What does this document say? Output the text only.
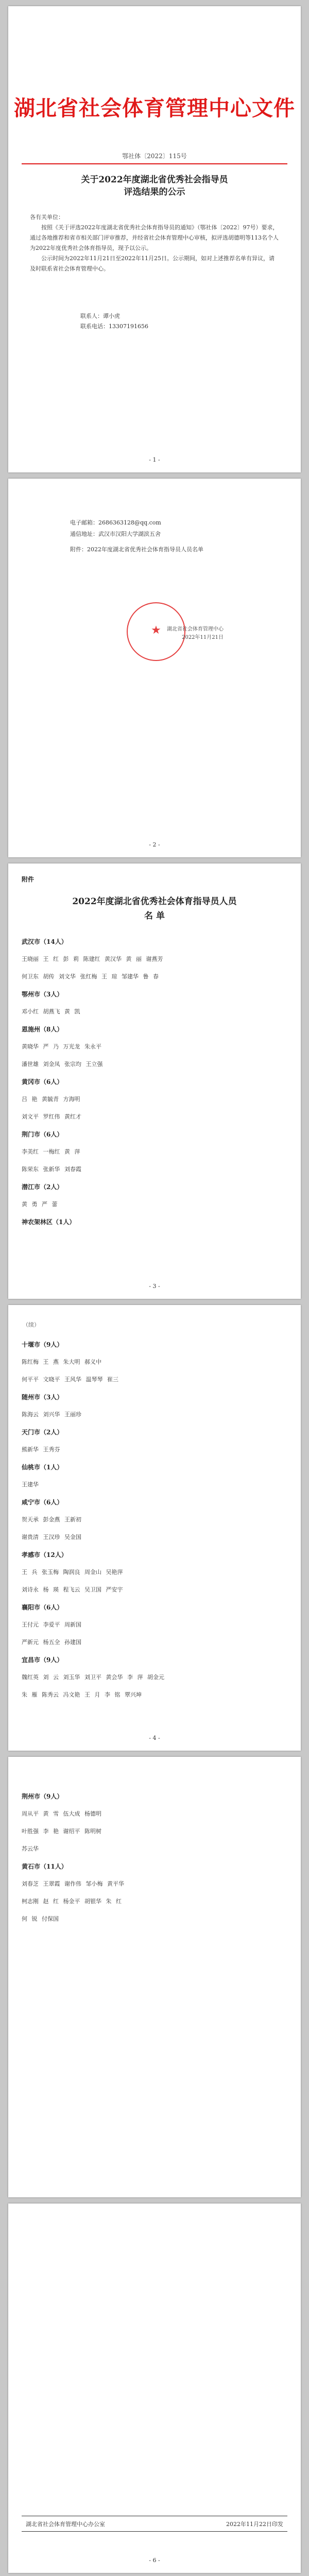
湖北省社会体育管理中心文件
鄂社体〔2022〕115号
关于2022年度湖北省优秀社会指导员
评选结果的公示

各有关单位：

按照《关于评选2022年度湖北省优秀社会体育指导员的通知》（鄂社体〔2022〕97号）要求，通过各地推荐和省市相关部门评审推荐，并经省社会体育管理中心审核，拟评选胡德明等113名个人为2022年度优秀社会体育指导员，现予以公示。

公示时间为2022年11月21日至2022年11月25日。公示期间，如对上述推荐名单有异议，请及时联系省社会体育管理中心。

联系人：谭小虎
联系电话：13307191656
- 1 -
电子邮箱：2686363128@qq.com
通信地址：武汉市汉阳大学湖滨五舍
附件：2022年度湖北省优秀社会体育指导员人员名单
★	湖北省社会体育管理中心
2022年11月21日
- 2 -
附件
2022年度湖北省优秀社会体育指导员人员
名 单
武汉市（14人）
王晓丽 王 红 彭 莉 陈建红 黄汉华 黄 丽 谢燕芳
何卫东 胡传 刘文华 张红梅 王 琼 邹建华 鲁 春
鄂州市（3人）
邓小红 胡燕飞 黄 凯
恩施州（8人）
黄晓华 严 乃 万光龙 朱永平
潘世雄 刘金凤 张宗均 王立强
黄冈市（6人）
吕 艳 黄毓青 方海明
刘文平 罗红伟 黄红才
荆门市（6人）
李美红 一梅红 黄 萍
陈荣东 张新华 刘春霞
潜江市（2人）
黄 勇 严 蕾
神农架林区（1人）
- 3 -
（续）
十堰市（9人）
陈红梅 王 燕 朱大明 郝义中
何平平 文晓平 王风华 温琴琴 崔三
随州市（3人）
陈海云 刘兴华 王丽珍
天门市（2人）
熊新华 王秀芬
仙桃市（1人）
王建华
咸宁市（6人）
贺天承 彭金燕 王新初
谢贵清 王汉珍 吴金国
孝感市（12人）
王 兵 张玉梅 陶润良 周金山 吴艳萍
刘诗永 杨 瑛 程飞云 吴卫国 严安宇
襄阳市（6人）
王付元 李爱平 周新国
严新元 杨五全 孙建国
宜昌市（9人）
魏红英 刘 云 刘玉华 刘卫平 黄会华 李 萍 胡金元
朱 雁 陈秀云 冯文艳 王 月 李 铭 覃兴坤
- 4 -
荆州市（9人）
周从平 黄 雪 伍大成 杨德明
叶胜强 李 艳 谢绍平 陈明树
苏云华
黄石市（11人）
刘春芝 王翠霞 谢作伟 邹小梅 黄平华
柯志刚 赵 红 杨金平 胡银华 朱 红
何 锐 付保国
湖北省社会体育管理中心办公室	2022年11月22日印发
- 6 -
